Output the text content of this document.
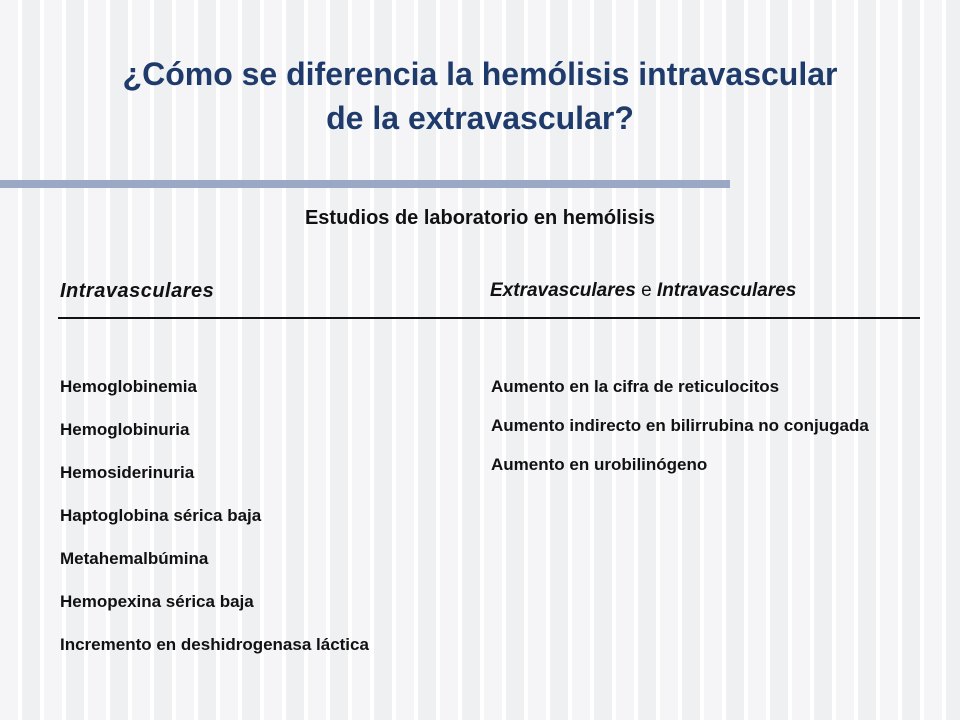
¿Cómo se diferencia la hemólisis intravascular
de la extravascular?
Estudios de laboratorio en hemólisis
Intravasculares	Extravasculares e Intravasculares
Hemoglobinemia
Hemoglobinuria
Hemosiderinuria
Haptoglobina sérica baja
Metahemalbúmina
Hemopexina sérica baja
Incremento en deshidrogenasa láctica
Aumento en la cifra de reticulocitos
Aumento indirecto en bilirrubina no conjugada
Aumento en urobilinógeno
